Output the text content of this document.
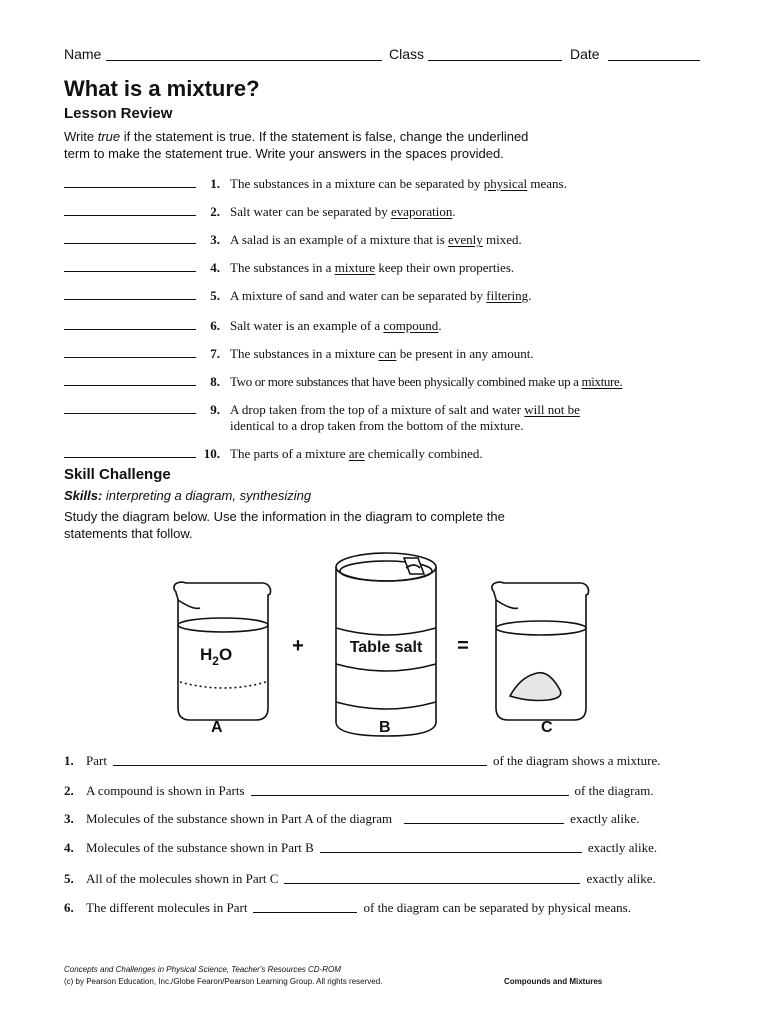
Name	Class	Date
What is a mixture?
Lesson Review
Write true if the statement is true. If the statement is false, change the underlined
term to make the statement true. Write your answers in the spaces provided.
1. The substances in a mixture can be separated by physical means.
2. Salt water can be separated by evaporation.
3. A salad is an example of a mixture that is evenly mixed.
4. The substances in a mixture keep their own properties.
5. A mixture of sand and water can be separated by filtering.
6. Salt water is an example of a compound.
7. The substances in a mixture can be present in any amount.
8. Two or more substances that have been physically combined make up a mixture.
9. A drop taken from the top of a mixture of salt and water will not be
identical to a drop taken from the bottom of the mixture.
10. The parts of a mixture are chemically combined.
Skill Challenge
Skills: interpreting a diagram, synthesizing
Study the diagram below. Use the information in the diagram to complete the
statements that follow.
$H_2O$	+	Table salt =
A	B	C
1. Part	of the diagram shows a mixture.
2. A compound is shown in Parts	of the diagram.
3. Molecules of the substance shown in Part A of the diagram	exactly alike.
4. Molecules of the substance shown in Part B	exactly alike.
5. All of the molecules shown in Part C	exactly alike.
6. The different molecules in Part	of the diagram can be separated by physical means.
Concepts and Challenges in Physical Science, Teacher's Resources CD-ROM
(c) by Pearson Education, Inc./Globe Fearon/Pearson Learning Group. All rights reserved.	Compounds and Mixtures
